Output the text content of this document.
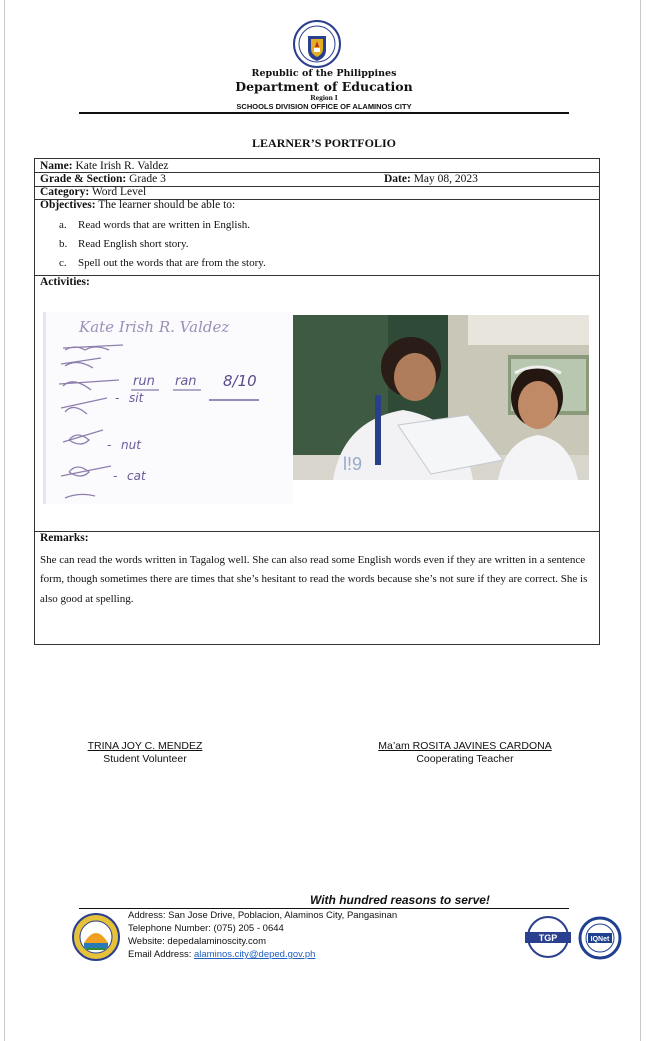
Republic of the Philippines
Department of Education
Region I
SCHOOLS DIVISION OFFICE OF ALAMINOS CITY
LEARNER’S PORTFOLIO
Name: Kate Irish R. Valdez
Grade & Section: Grade 3	Date: May 08, 2023
Category: Word Level
Objectives: The learner should be able to:
a. Read words that are written in English.
b. Read English short story.
c. Spell out the words that are from the story.
Activities:
Kate Irish R. Valdez
run ran 8/10
- sit
- nut
- cat
l!9
Remarks:
She can read the words written in Tagalog well. She can also read some English words even if they are written in a sentence form, though sometimes there are times that she’s hesitant to read the words because she’s not sure if they are correct. She is also good at spelling.
TRINA JOY C. MENDEZ
Student Volunteer
Ma’am ROSITA JAVINES CARDONA
Cooperating Teacher
With hundred reasons to serve!
Address: San Jose Drive, Poblacion, Alaminos City, Pangasinan
Telephone Number: (075) 205 - 0644
Website: depedalaminoscity.com
Email Address: alaminos.city@deped.gov.ph
TGP	IQNet
